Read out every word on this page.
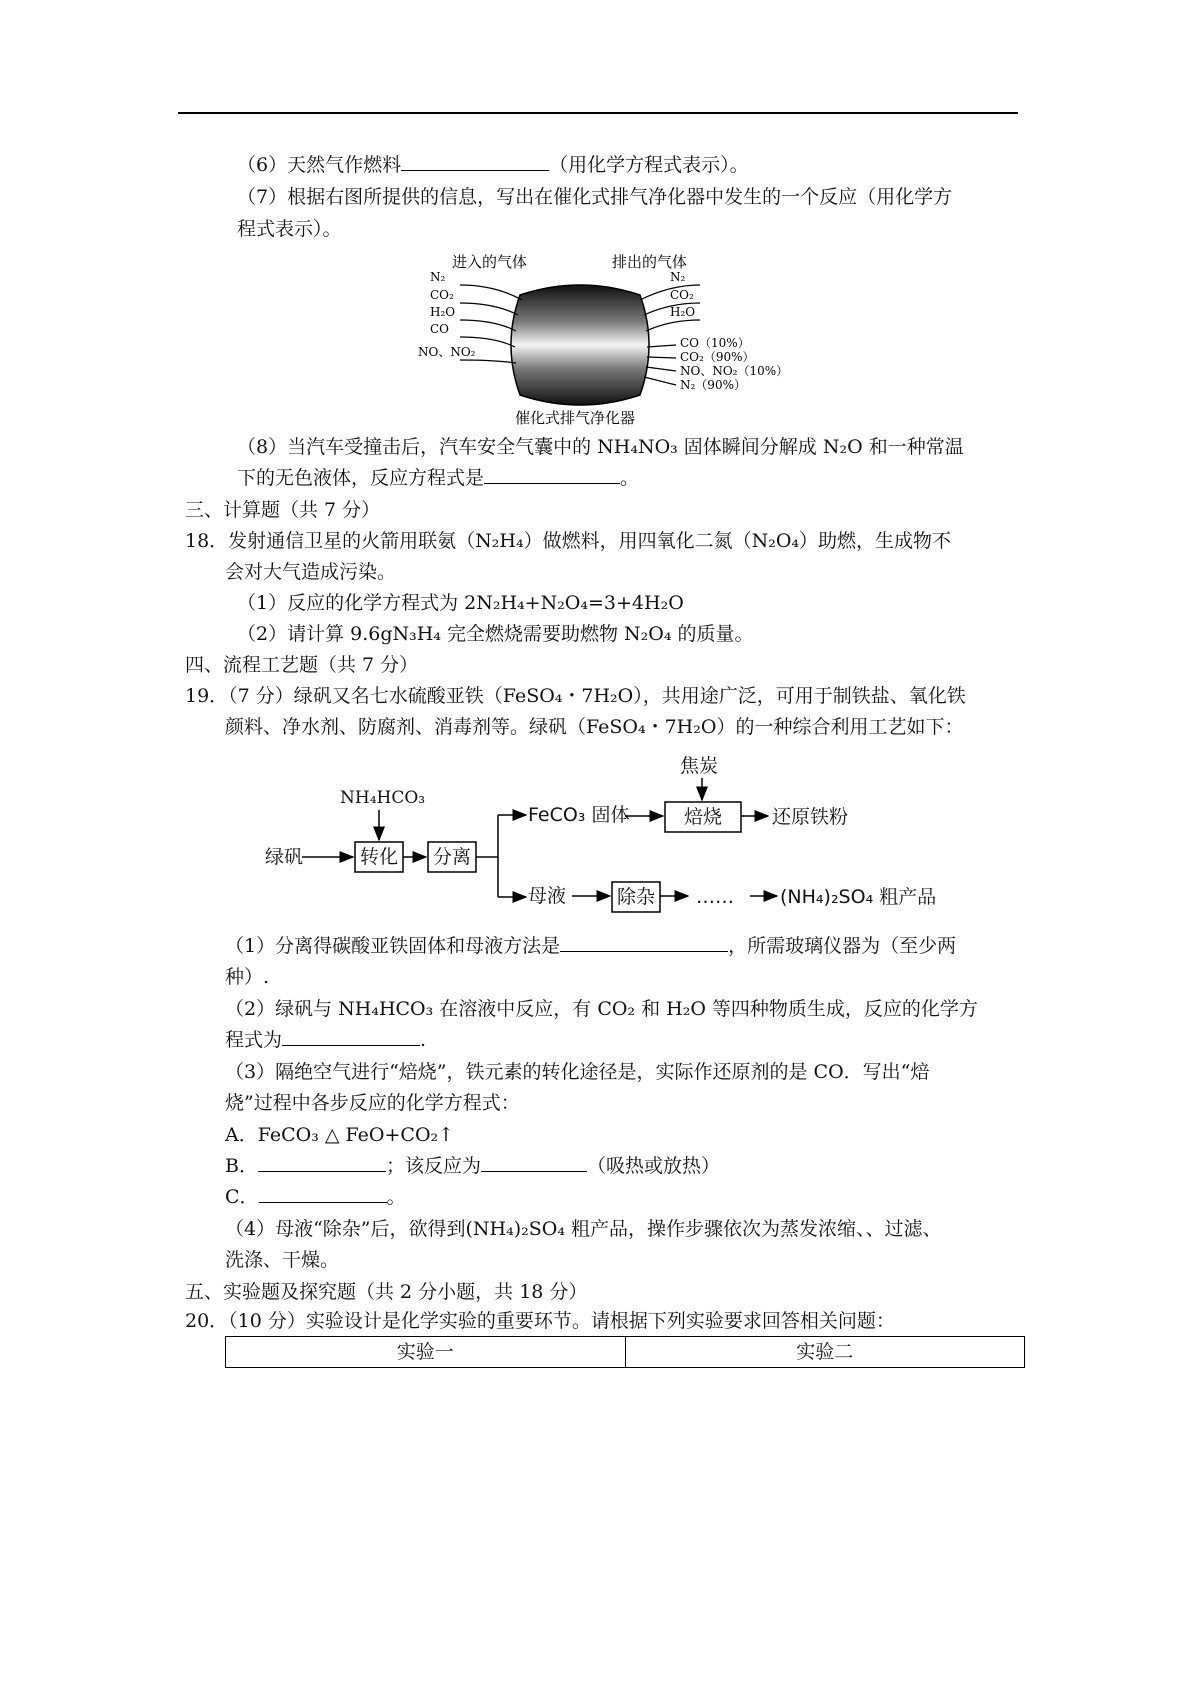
（6）天然气作燃料	（用化学方程式表示）。
（7）根据右图所提供的信息，写出在催化式排气净化器中发生的一个反应（用化学方
程式表示）。
进入的气体	排出的气体
N₂
CO₂
H₂O
CO
NO、NO₂
N₂
CO₂
H₂O
CO（10%）
CO₂（90%）
NO、NO₂（10%）
N₂（90%）
催化式排气净化器
（8）当汽车受撞击后，汽车安全气囊中的 NH₄NO₃ 固体瞬间分解成 N₂O 和一种常温
下的无色液体，反应方程式是	。
三、计算题（共 7 分）
18．发射通信卫星的火箭用联氨（N₂H₄）做燃料，用四氧化二氮（N₂O₄）助燃，生成物不
会对大气造成污染。
（1）反应的化学方程式为 2N₂H₄+N₂O₄=3+4H₂O
（2）请计算 9.6gN₃H₄ 完全燃烧需要助燃物 N₂O₄ 的质量。
四、流程工艺题（共 7 分）
19．（7 分）绿矾又名七水硫酸亚铁（FeSO₄・7H₂O），共用途广泛，可用于制铁盐、氧化铁
颜料、净水剂、防腐剂、消毒剂等。绿矾（FeSO₄・7H₂O）的一种综合利用工艺如下：
NH₄HCO₃
焦炭
绿矾	转化 分离
FeCO₃ 固体	焙烧	还原铁粉
母液	除杂 …… (NH₄)₂SO₄ 粗产品
（1）分离得碳酸亚铁固体和母液方法是	，所需玻璃仪器为（至少两
种）.
（2）绿矾与 NH₄HCO₃ 在溶液中反应，有 CO₂ 和 H₂O 等四种物质生成，反应的化学方
程式为	.
（3）隔绝空气进行“焙烧”，铁元素的转化途径是，实际作还原剂的是 CO．写出“焙
烧”过程中各步反应的化学方程式：
A．FeCO₃ △ FeO+CO₂↑
B．	；该反应为	（吸热或放热）
C．	。
（4）母液“除杂”后，欲得到(NH₄)₂SO₄ 粗产品，操作步骤依次为蒸发浓缩、、过滤、
洗涤、干燥。
五、实验题及探究题（共 2 分小题，共 18 分）
20．（10 分）实验设计是化学实验的重要环节。请根据下列实验要求回答相关问题：
实验一	实验二
